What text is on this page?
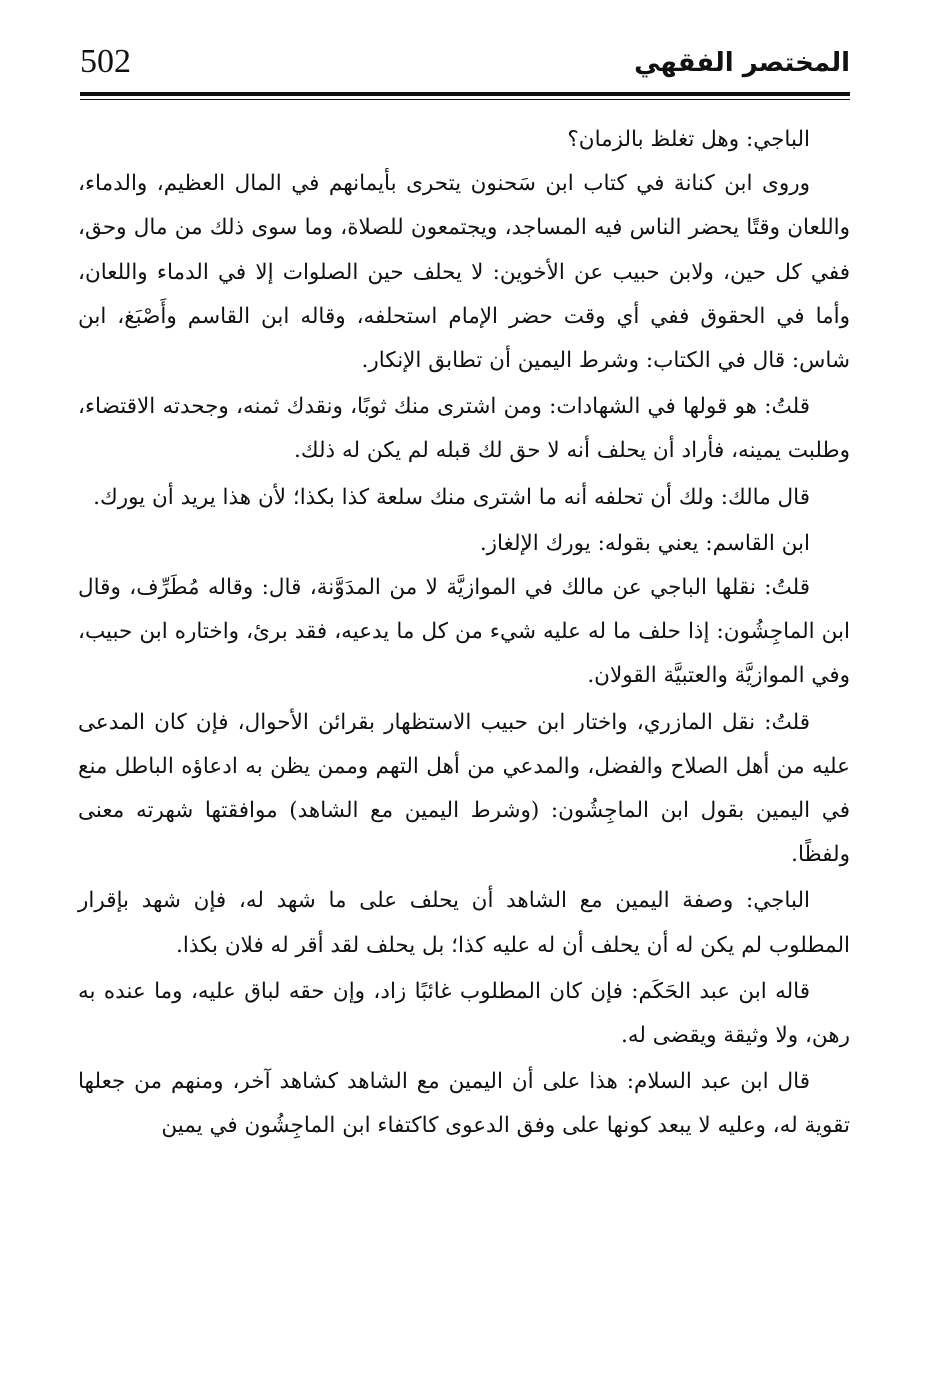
502	المختصر الفقهي

الباجي: وهل تغلظ بالزمان؟

وروى ابن كنانة في كتاب ابن سَحنون يتحرى بأيمانهم في المال العظيم، والدماء، واللعان وقتًا يحضر الناس فيه المساجد، ويجتمعون للصلاة، وما سوى ذلك من مال وحق، ففي كل حين، ولابن حبيب عن الأخوين: لا يحلف حين الصلوات إلا في الدماء واللعان، وأما في الحقوق ففي أي وقت حضر الإمام استحلفه، وقاله ابن القاسم وأَصْبَغ، ابن شاس: قال في الكتاب: وشرط اليمين أن تطابق الإنكار.

قلتُ: هو قولها في الشهادات: ومن اشترى منك ثوبًا، ونقدك ثمنه، وجحدته الاقتضاء، وطلبت يمينه، فأراد أن يحلف أنه لا حق لك قبله لم يكن له ذلك.

قال مالك: ولك أن تحلفه أنه ما اشترى منك سلعة كذا بكذا؛ لأن هذا يريد أن يورك.

ابن القاسم: يعني بقوله: يورك الإلغاز.

قلتُ: نقلها الباجي عن مالك في الموازيَّة لا من المدَوَّنة، قال: وقاله مُطَرِّف، وقال ابن الماجِشُون: إذا حلف ما له عليه شيء من كل ما يدعيه، فقد برئ، واختاره ابن حبيب، وفي الموازيَّة والعتبيَّة القولان.

قلتُ: نقل المازري، واختار ابن حبيب الاستظهار بقرائن الأحوال، فإن كان المدعى عليه من أهل الصلاح والفضل، والمدعي من أهل التهم وممن يظن به ادعاؤه الباطل منع في اليمين بقول ابن الماجِشُون: (وشرط اليمين مع الشاهد) موافقتها شهرته معنى ولفظًا.

الباجي: وصفة اليمين مع الشاهد أن يحلف على ما شهد له، فإن شهد بإقرار المطلوب لم يكن له أن يحلف أن له عليه كذا؛ بل يحلف لقد أقر له فلان بكذا.

قاله ابن عبد الحَكَم: فإن كان المطلوب غائبًا زاد، وإن حقه لباق عليه، وما عنده به رهن، ولا وثيقة ويقضى له.

قال ابن عبد السلام: هذا على أن اليمين مع الشاهد كشاهد آخر، ومنهم من جعلها تقوية له، وعليه لا يبعد كونها على وفق الدعوى كاكتفاء ابن الماجِشُون في يمين
